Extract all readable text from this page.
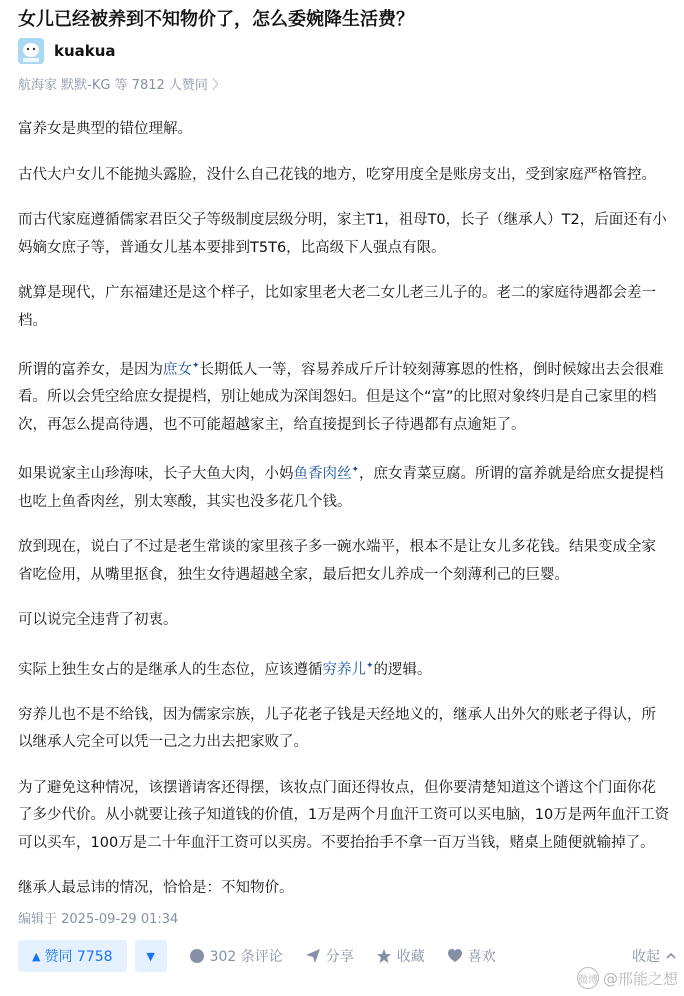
女儿已经被养到不知物价了，怎么委婉降生活费？
kuakua
航海家 默默-KG 等 7812 人赞同 〉

富养女是典型的错位理解。

古代大户女儿不能抛头露脸，没什么自己花钱的地方，吃穿用度全是账房支出，受到家庭严格管控。

而古代家庭遵循儒家君臣父子等级制度层级分明，家主T1，祖母T0，长子（继承人）T2，后面还有小妈嫡女庶子等，普通女儿基本要排到T5T6，比高级下人强点有限。

就算是现代，广东福建还是这个样子，比如家里老大老二女儿老三儿子的。老二的家庭待遇都会差一档。

所谓的富养女，是因为庶女✦长期低人一等，容易养成斤斤计较刻薄寡恩的性格，倒时候嫁出去会很难看。所以会凭空给庶女提提档，别让她成为深闺怨妇。但是这个“富”的比照对象终归是自己家里的档次，再怎么提高待遇，也不可能超越家主，给直接提到长子待遇都有点逾矩了。

如果说家主山珍海味，长子大鱼大肉，小妈鱼香肉丝✦，庶女青菜豆腐。所谓的富养就是给庶女提提档也吃上鱼香肉丝，别太寒酸，其实也没多花几个钱。

放到现在，说白了不过是老生常谈的家里孩子多一碗水端平，根本不是让女儿多花钱。结果变成全家省吃俭用，从嘴里抠食，独生女待遇超越全家，最后把女儿养成一个刻薄利己的巨婴。

可以说完全违背了初衷。

实际上独生女占的是继承人的生态位，应该遵循穷养儿✦的逻辑。

穷养儿也不是不给钱，因为儒家宗族，儿子花老子钱是天经地义的，继承人出外欠的账老子得认，所以继承人完全可以凭一己之力出去把家败了。

为了避免这种情况，该摆谱请客还得摆，该妆点门面还得妆点，但你要清楚知道这个谱这个门面你花了多少代价。从小就要让孩子知道钱的价值，1万是两个月血汗工资可以买电脑，10万是两年血汗工资可以买车，100万是二十年血汗工资可以买房。不要抬抬手不拿一百万当钱，赌桌上随便就输掉了。

继承人最忌讳的情况，恰恰是：不知物价。

编辑于 2025-09-29 01:34
▲ 赞同 7758	▼	302 条评论	分享	收藏	喜欢	收起
微博 @邢能之想
